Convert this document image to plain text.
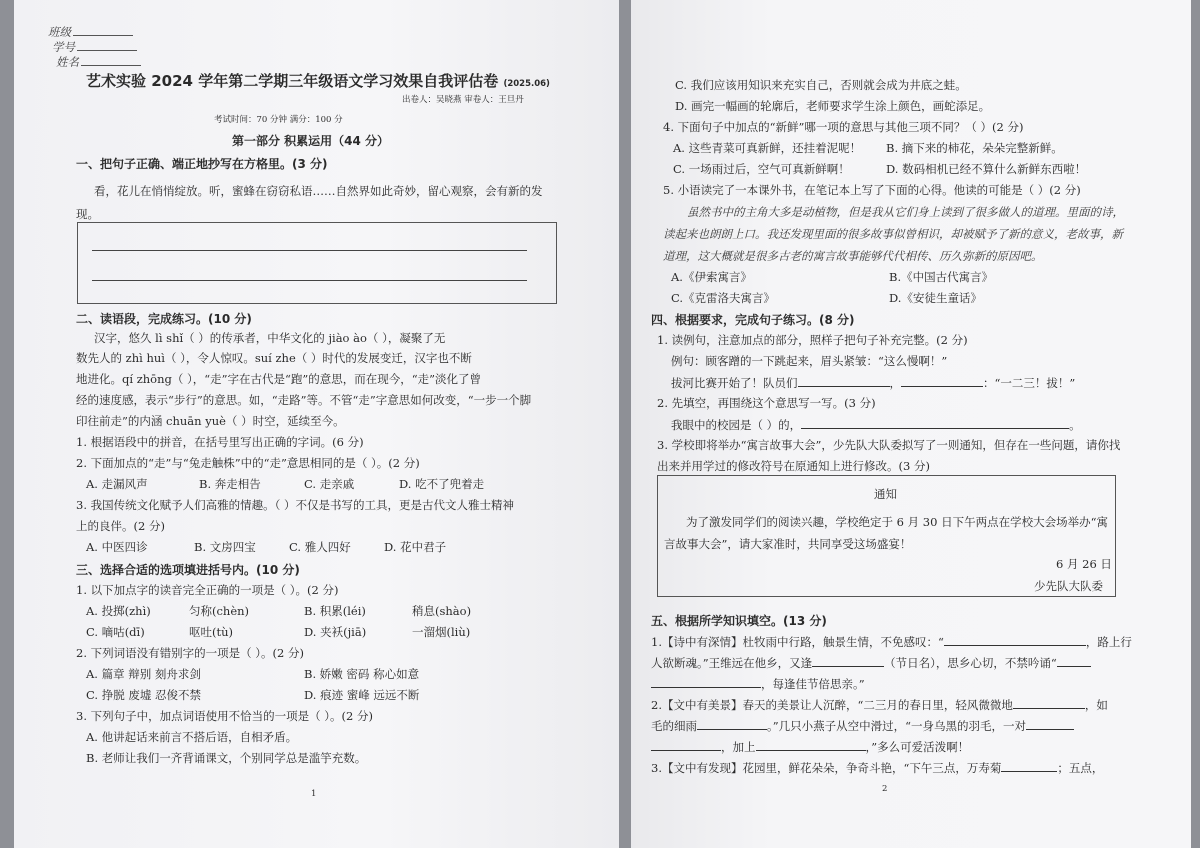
班级
学号
姓名
艺术实验 2024 学年第二学期三年级语文学习效果自我评估卷 (2025.06)
出卷人：吴晓燕 审卷人：王旦丹
考试时间：70 分钟 满分：100 分
第一部分 积累运用（44 分）
一、把句子正确、端正地抄写在方格里。(3 分)
看，花儿在悄悄绽放。听，蜜蜂在窃窃私语……自然界如此奇妙，留心观察，会有新的发
现。
二、读语段，完成练习。(10 分)
汉字，悠久 lì shǐ（ ）的传承者，中华文化的 jiào ào（ ），凝聚了无
数先人的 zhì huì（ ），令人惊叹。suí zhe（ ）时代的发展变迁，汉字也不断
地进化。qí zhōng（ ），“走”字在古代是“跑”的意思，而在现今，“走”淡化了曾
经的速度感，表示“步行”的意思。如，“走路”等。不管“走”字意思如何改变，“一步一个脚
印往前走”的内涵 chuān yuè（ ）时空，延续至今。
1. 根据语段中的拼音，在括号里写出正确的字词。(6 分)
2. 下面加点的“走”与“兔走触株”中的“走”意思相同的是（ ）。(2 分)
A. 走漏风声	B. 奔走相告	C. 走亲戚	D. 吃不了兜着走
3. 我国传统文化赋予人们高雅的情趣。（ ）不仅是书写的工具，更是古代文人雅士精神
上的良伴。(2 分)
A. 中医四诊	B. 文房四宝	C. 雅人四好	D. 花中君子
三、选择合适的选项填进括号内。(10 分)
1. 以下加点字的读音完全正确的一项是（ ）。(2 分)
A. 投掷(zhì)	匀称(chèn)	B. 积累(léi)	稍息(shào)
C. 嘀咕(dī)	呕吐(tù)	D. 夹袄(jiā)	一溜烟(liù)
2. 下列词语没有错别字的一项是（ ）。(2 分)
A. 篇章 辩别 刻舟求剑	B. 娇嫩 密码 称心如意
C. 挣脱 废墟 忍俊不禁	D. 痕迹 蜜峰 远远不断
3. 下列句子中，加点词语使用不恰当的一项是（ ）。(2 分)
A. 他讲起话来前言不搭后语，自相矛盾。
B. 老师让我们一齐背诵课文，个别同学总是滥竽充数。
1
C. 我们应该用知识来充实自己，否则就会成为井底之蛙。
D. 画完一幅画的轮廓后，老师要求学生涂上颜色，画蛇添足。
4. 下面句子中加点的“新鲜”哪一项的意思与其他三项不同？（ ）(2 分)
A. 这些青菜可真新鲜，还挂着泥呢！ B. 摘下来的柿花，朵朵完整新鲜。
C. 一场雨过后，空气可真新鲜啊！	D. 数码相机已经不算什么新鲜东西啦！
5. 小语读完了一本课外书，在笔记本上写了下面的心得。他读的可能是（ ）(2 分)
虽然书中的主角大多是动植物，但是我从它们身上读到了很多做人的道理。里面的诗，
读起来也朗朗上口。我还发现里面的很多故事似曾相识，却被赋予了新的意义，老故事，新
道理，这大概就是很多古老的寓言故事能够代代相传、历久弥新的原因吧。
A.《伊索寓言》	B.《中国古代寓言》
C.《克雷洛夫寓言》	D.《安徒生童话》
四、根据要求，完成句子练习。(8 分)
1. 读例句，注意加点的部分，照样子把句子补充完整。(2 分)
例句：顾客蹭的一下跳起来，眉头紧皱：“这么慢啊！”
拔河比赛开始了！队员们	，	：“一二三！拔！”
2. 先填空，再围绕这个意思写一写。(3 分)
我眼中的校园是（ ）的，	。
3. 学校即将举办“寓言故事大会”，少先队大队委拟写了一则通知，但存在一些问题，请你找
出来并用学过的修改符号在原通知上进行修改。(3 分)
通知
为了激发同学们的阅读兴趣，学校绝定于 6 月 30 日下午两点在学校大会场举办“寓
言故事大会”，请大家准时，共同享受这场盛宴！
6 月 26 日
少先队大队委
五、根据所学知识填空。(13 分)
1.【诗中有深情】杜牧雨中行路，触景生情，不免感叹：“	，路上行
人欲断魂。”王维远在他乡，又逢	（节日名），思乡心切，不禁吟诵“
，每逢佳节倍思亲。”
2.【文中有美景】春天的美景让人沉醉，“二三月的春日里，轻风微微地	，如
毛的细雨	。”几只小燕子从空中滑过，“一身乌黑的羽毛，一对
，加上	，”多么可爱活泼啊！
3.【文中有发现】花园里，鲜花朵朵，争奇斗艳，“下午三点，万寿菊	；五点，
2
